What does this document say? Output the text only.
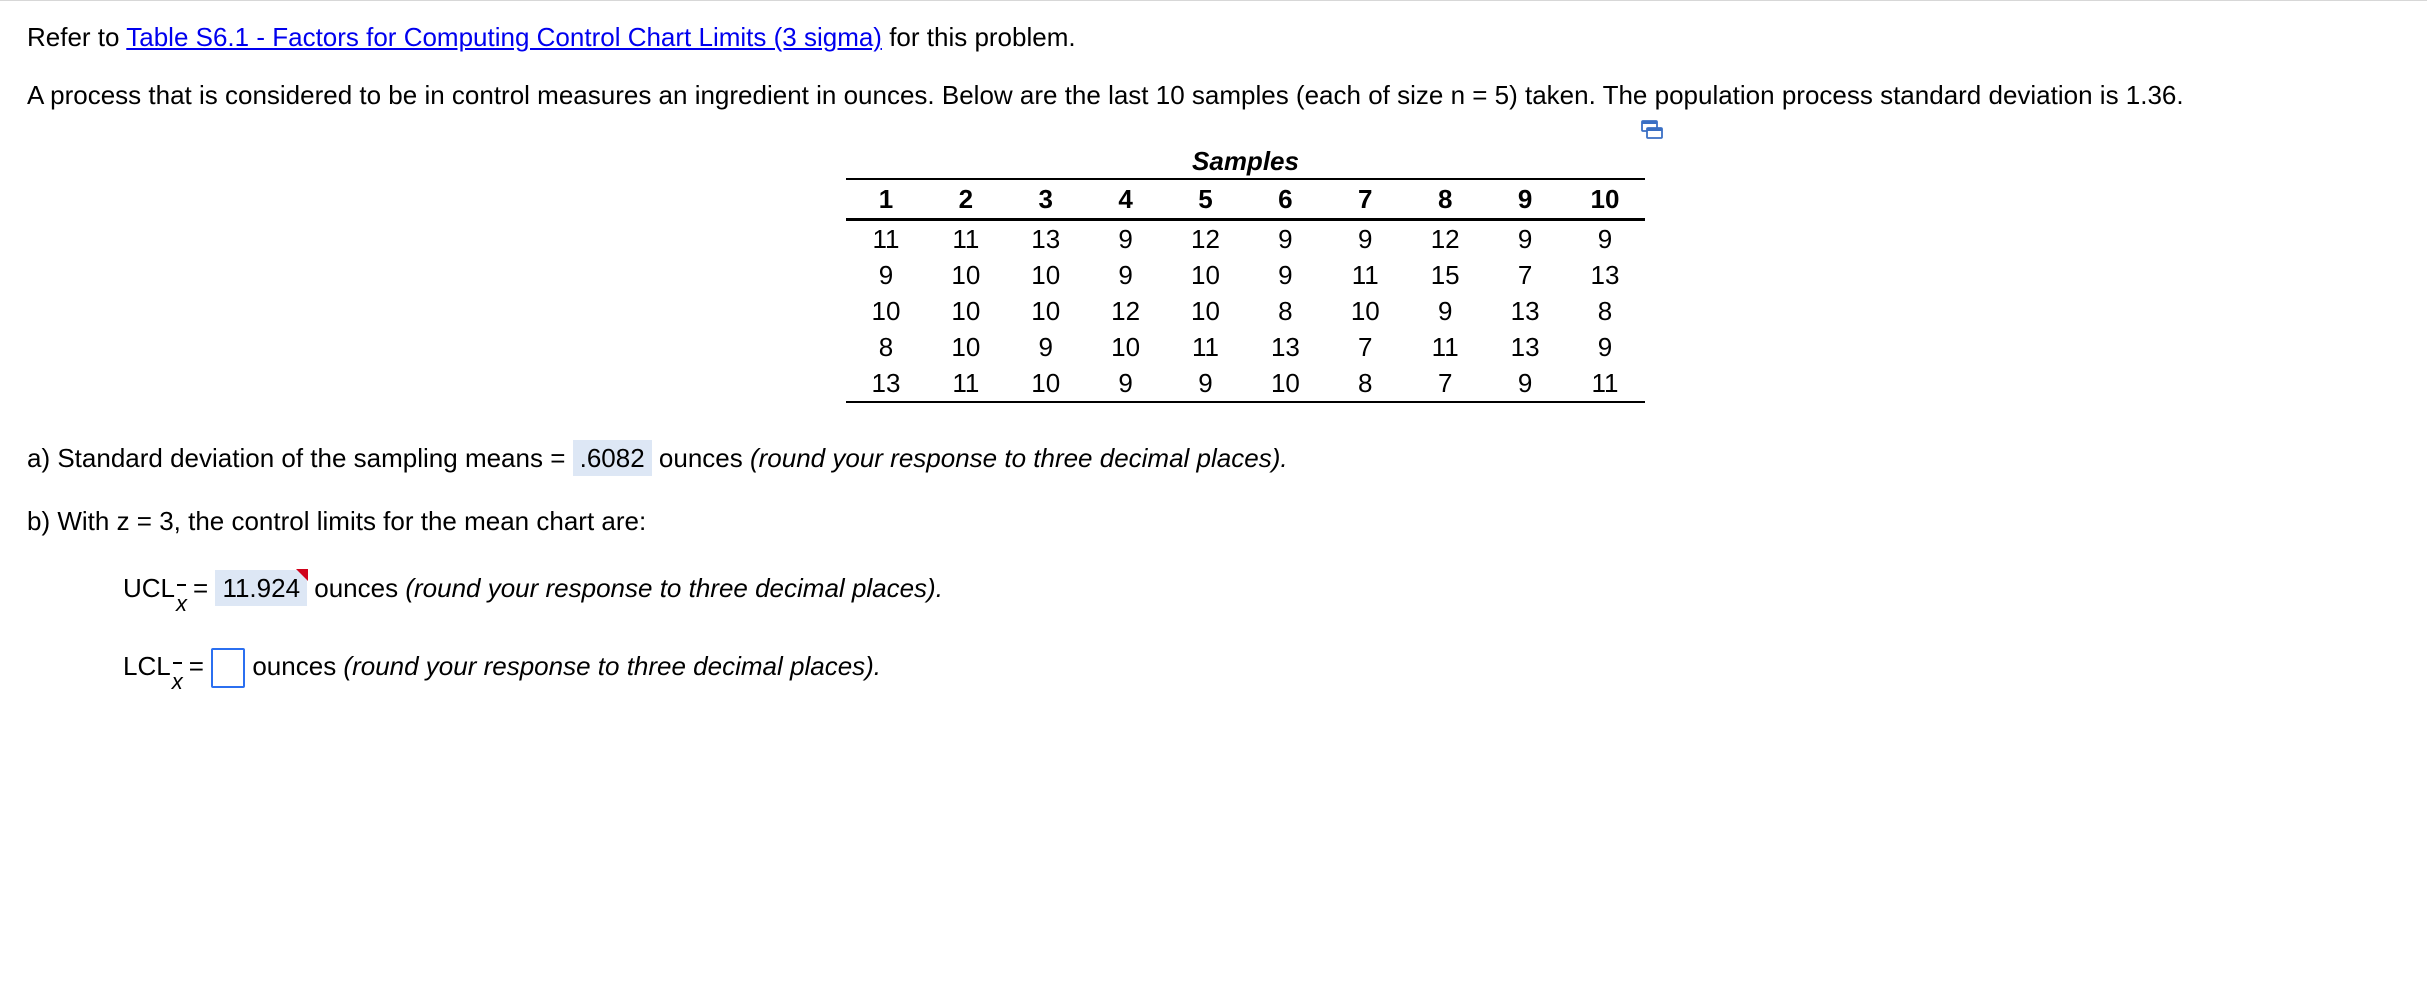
Refer to Table S6.1 - Factors for Computing Control Chart Limits (3 sigma) for this problem.
A process that is considered to be in control measures an ingredient in ounces. Below are the last 10 samples (each of size n = 5) taken. The population process standard deviation is 1.36.
Samples
1	2	3	4	5	6	7	8	9	10
11	11	13	9	12	9	9	12	9	9
9	10	10	9	10	9	11	15	7	13
10	10	10	12	10	8	10	9	13	8
8	10	9	10	11	13	7	11	13	9
13	11	10	9	9	10	8	7	9	11
a) Standard deviation of the sampling means = .6082 ounces (round your response to three decimal places).
b) With z = 3, the control limits for the mean chart are:
UCLx= 11.924
ounces (round your response to three decimal places).
LCLx=  ounces (round your response to three decimal places).
